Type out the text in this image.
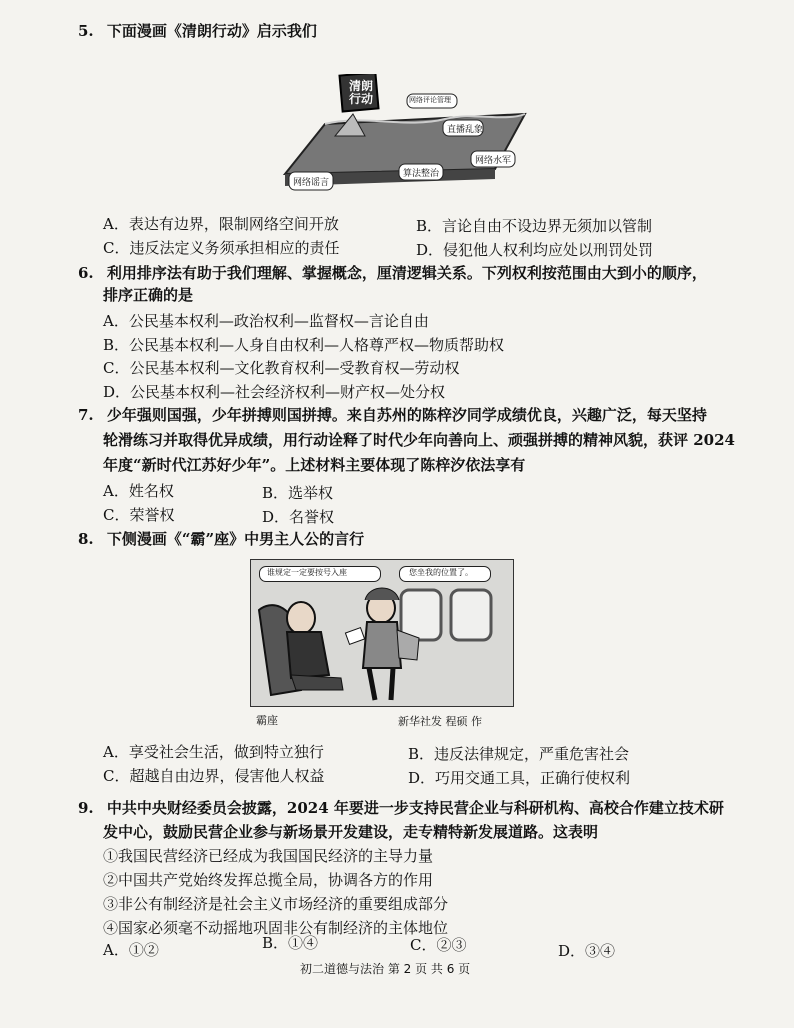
5. 下面漫画《清朗行动》启示我们
清朗行动	网络评论管理
直播乱象
算法整治
网络谣言
网络水军
A．表达有边界，限制网络空间开放	B．言论自由不设边界无须加以管制
C．违反法定义务须承担相应的责任	D．侵犯他人权利均应处以刑罚处罚
6. 利用排序法有助于我们理解、掌握概念，厘清逻辑关系。下列权利按范围由大到小的顺序，
排序正确的是
A．公民基本权利—政治权利—监督权—言论自由
B．公民基本权利—人身自由权利—人格尊严权—物质帮助权
C．公民基本权利—文化教育权利—受教育权—劳动权
D．公民基本权利—社会经济权利—财产权—处分权
7. 少年强则国强，少年拼搏则国拼搏。来自苏州的陈梓汐同学成绩优良，兴趣广泛，每天坚持
轮滑练习并取得优异成绩，用行动诠释了时代少年向善向上、顽强拼搏的精神风貌，获评 2024
年度“新时代江苏好少年”。上述材料主要体现了陈梓汐依法享有
A．姓名权	B．选举权
C．荣誉权	D．名誉权
8. 下侧漫画《“霸”座》中男主人公的言行
谁规定一定要按号入座	您坐我的位置了。
霸座	新华社发 程硕 作
A．享受社会生活，做到特立独行	B．违反法律规定，严重危害社会
C．超越自由边界，侵害他人权益	D．巧用交通工具，正确行使权利
9. 中共中央财经委员会披露，2024 年要进一步支持民营企业与科研机构、高校合作建立技术研
发中心，鼓励民营企业参与新场景开发建设，走专精特新发展道路。这表明
①我国民营经济已经成为我国国民经济的主导力量
②中国共产党始终发挥总揽全局，协调各方的作用
③非公有制经济是社会主义市场经济的重要组成部分
④国家必须毫不动摇地巩固非公有制经济的主体地位
A．①②	B．①④	C．②③	D．③④
初二道德与法治 第 2 页 共 6 页
